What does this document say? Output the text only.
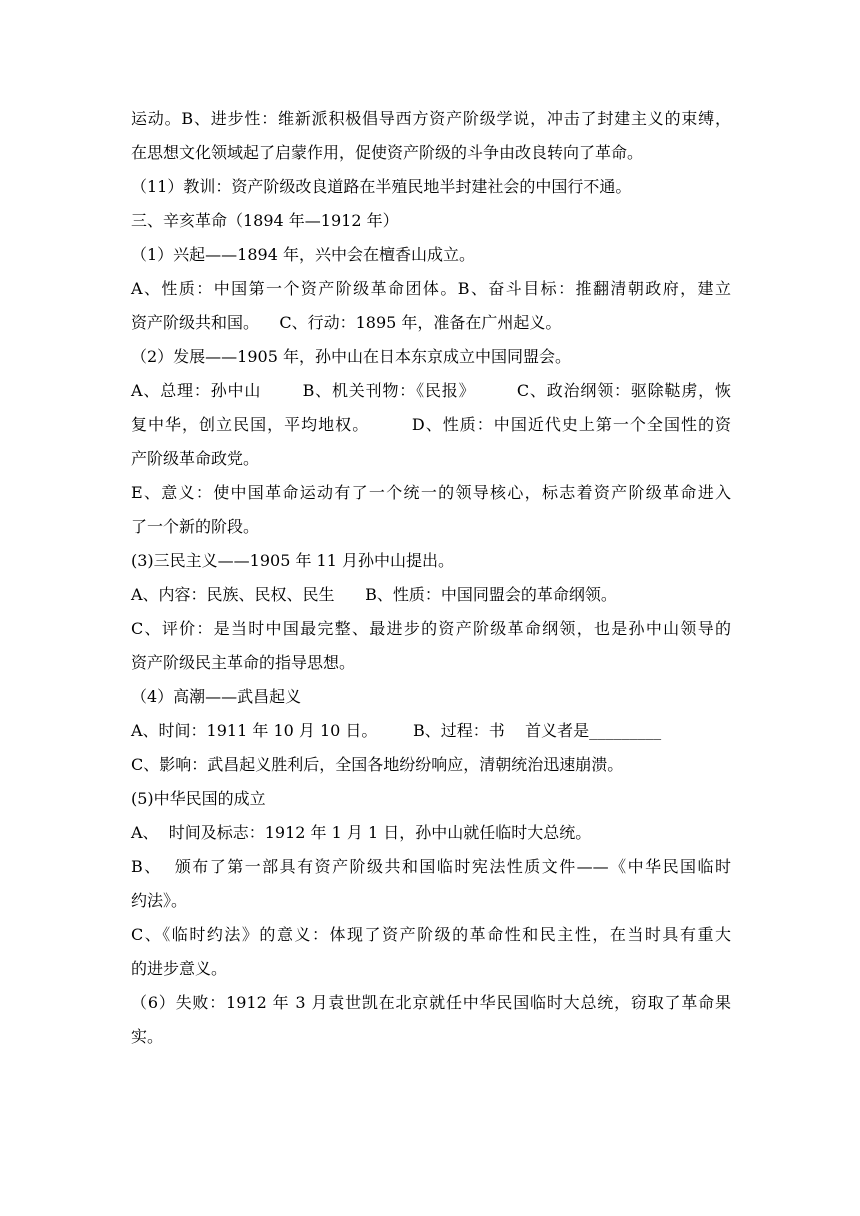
运动。B、进步性：维新派积极倡导西方资产阶级学说，冲击了封建主义的束缚，
在思想文化领域起了启蒙作用，促使资产阶级的斗争由改良转向了革命。
（11）教训：资产阶级改良道路在半殖民地半封建社会的中国行不通。
三、辛亥革命（1894 年—1912 年）
（1）兴起——1894 年，兴中会在檀香山成立。
A、性质：中国第一个资产阶级革命团体。B、奋斗目标：推翻清朝政府，建立
资产阶级共和国。    C、行动：1895 年，准备在广州起义。
（2）发展——1905 年，孙中山在日本东京成立中国同盟会。
A、总理：孙中山       B、机关刊物：《民报》       C、政治纲领：驱除鞑虏，恢
复中华，创立民国，平均地权。       D、性质：中国近代史上第一个全国性的资
产阶级革命政党。
E、意义：使中国革命运动有了一个统一的领导核心，标志着资产阶级革命进入
了一个新的阶段。
(3)三民主义——1905 年 11 月孙中山提出。
A、内容：民族、民权、民生      B、性质：中国同盟会的革命纲领。
C、评价：是当时中国最完整、最进步的资产阶级革命纲领，也是孙中山领导的
资产阶级民主革命的指导思想。
（4）高潮——武昌起义
A、时间：1911 年 10 月 10 日。       B、过程：书    首义者是_________
C、影响：武昌起义胜利后，全国各地纷纷响应，清朝统治迅速崩溃。
(5)中华民国的成立
A、  时间及标志：1912 年 1 月 1 日，孙中山就任临时大总统。
B、  颁布了第一部具有资产阶级共和国临时宪法性质文件——《中华民国临时
约法》。
C、《临时约法》的意义：体现了资产阶级的革命性和民主性，在当时具有重大
的进步意义。
（6）失败：1912 年 3 月袁世凯在北京就任中华民国临时大总统，窃取了革命果
实。
